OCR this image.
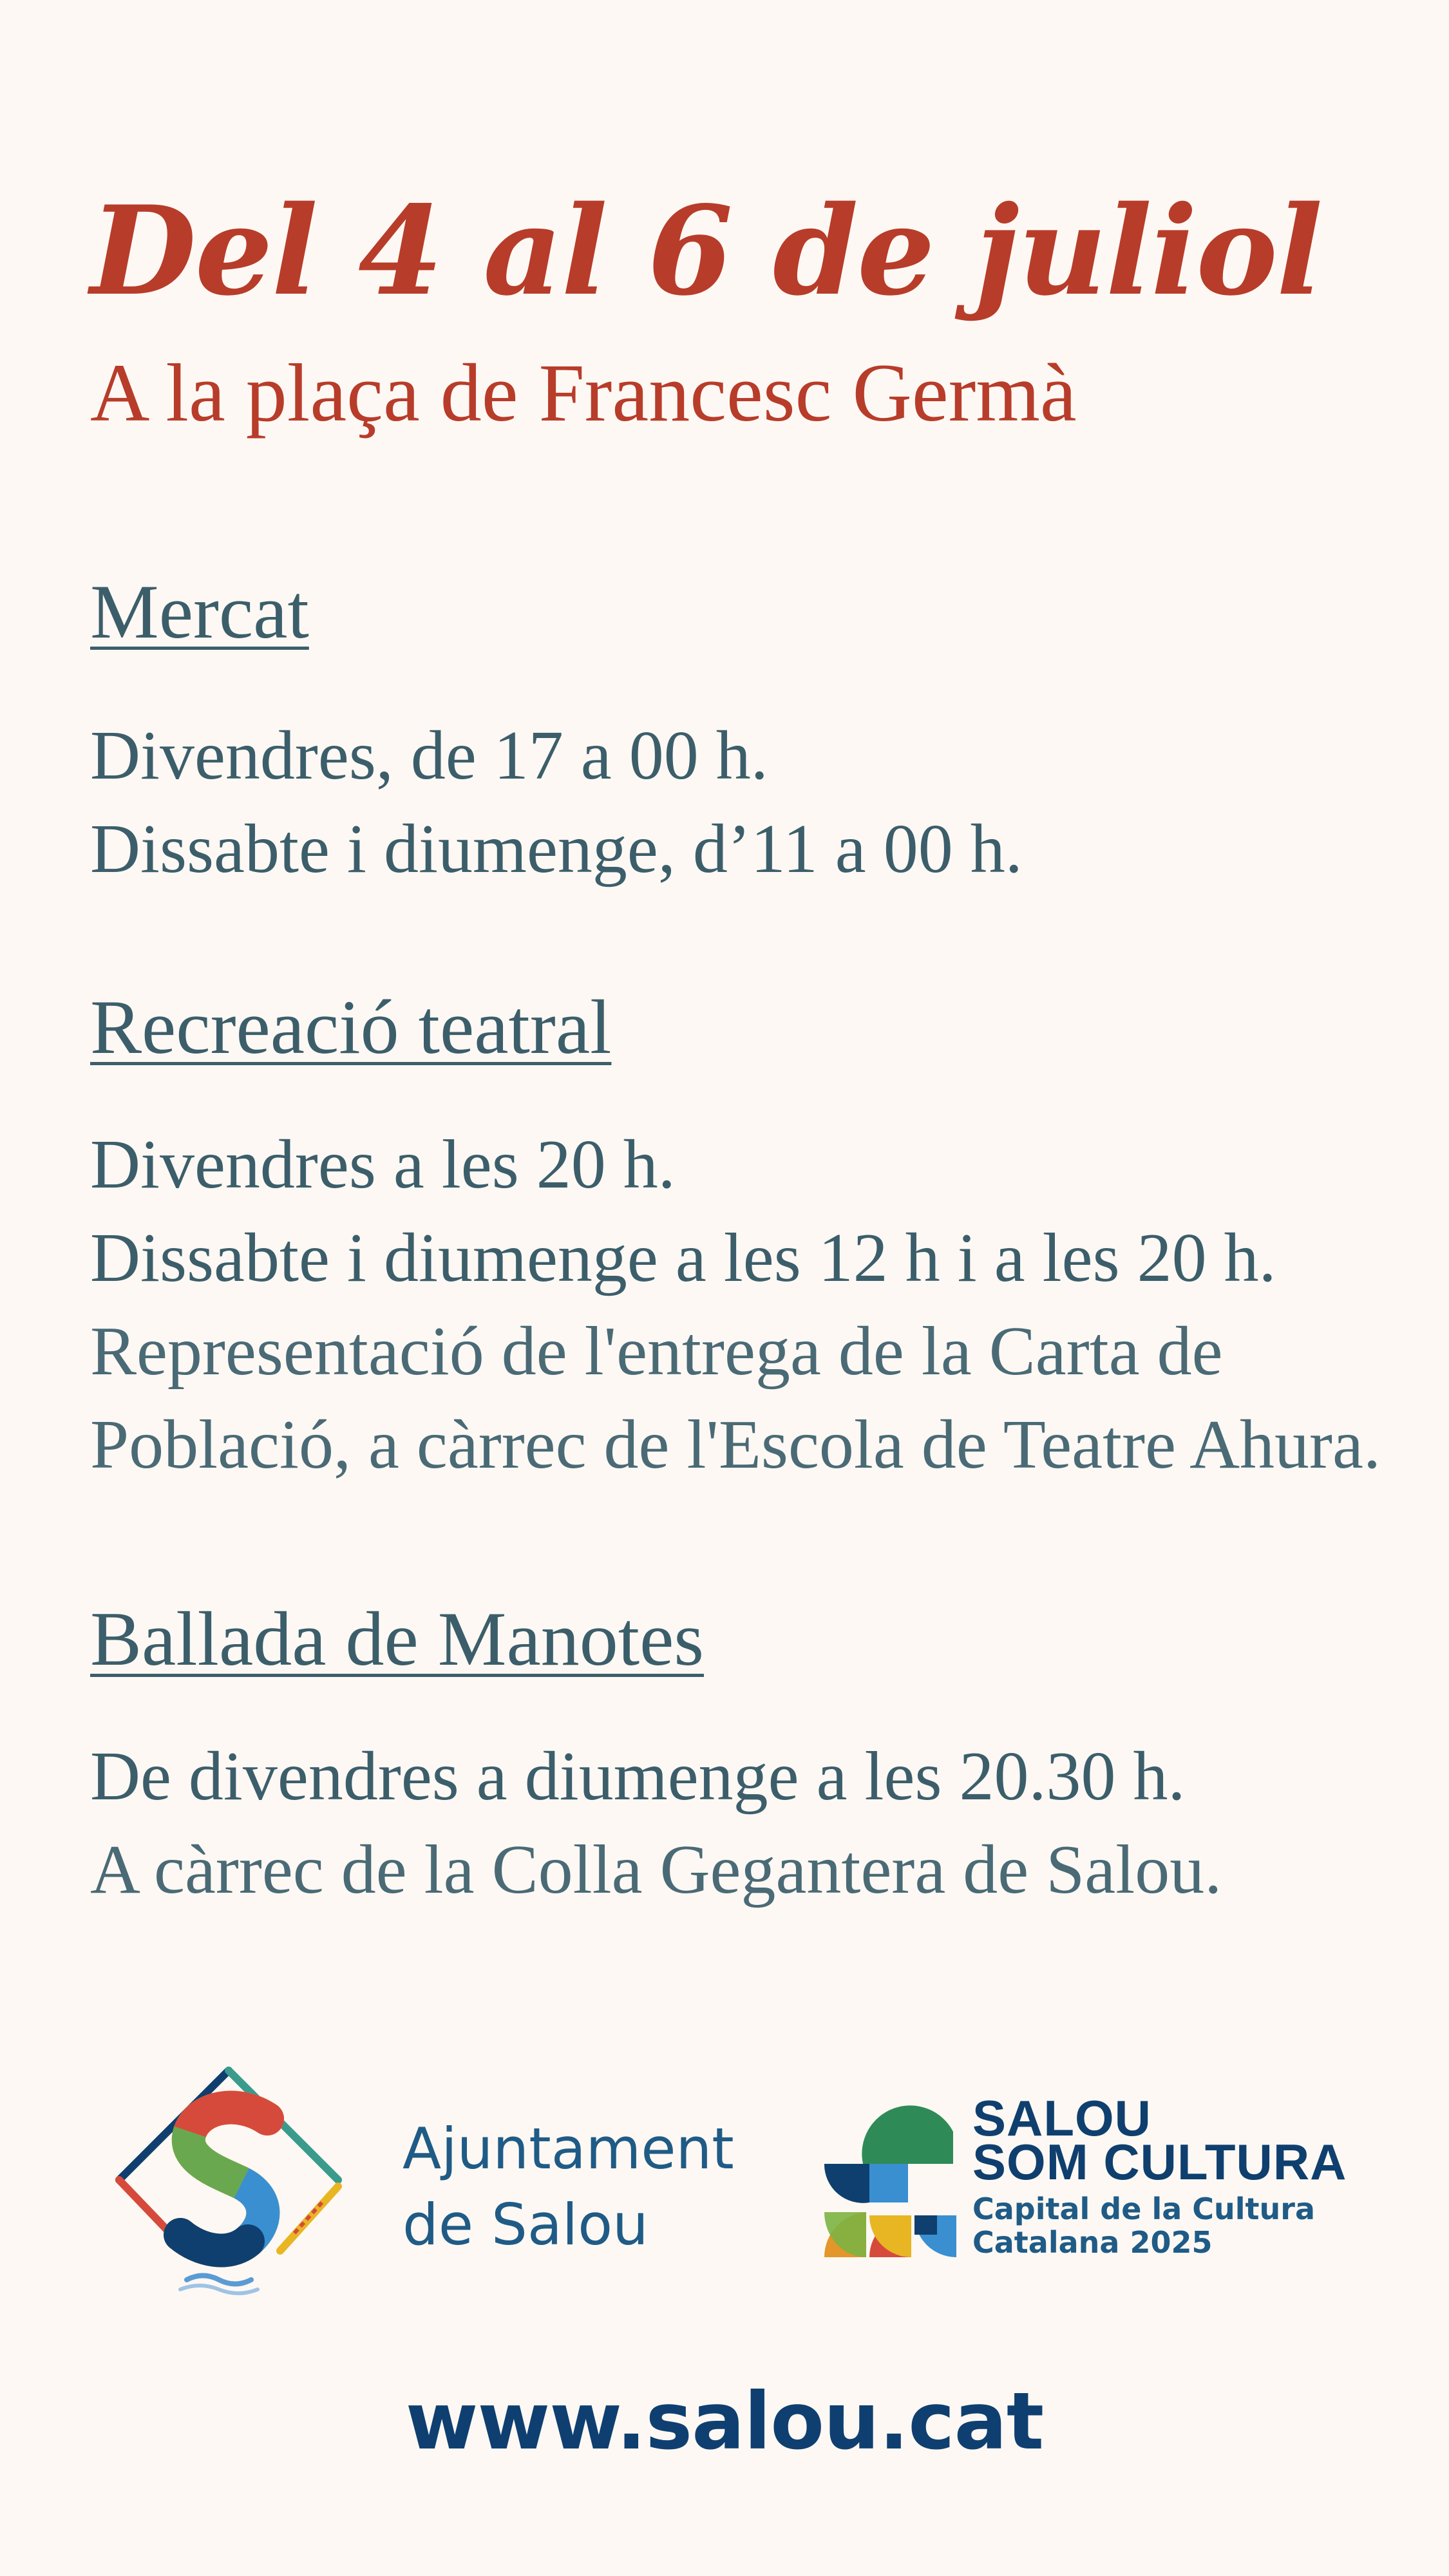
Del 4 al 6 de juliol
A la plaça de Francesc Germà
Mercat
Divendres, de 17 a 00 h.
Dissabte i diumenge, d’11 a 00 h.
Recreació teatral
Divendres a les 20 h.
Dissabte i diumenge a les 12 h i a les 20 h.
Representació de l'entrega de la Carta de
Població, a càrrec de l'Escola de Teatre Ahura.
Ballada de Manotes
De divendres a diumenge a les 20.30 h.
A càrrec de la Colla Gegantera de Salou.
Ajuntament
de Salou
SALOU
SOM CULTURA
Capital de la Cultura
Catalana 2025
www.salou.cat
